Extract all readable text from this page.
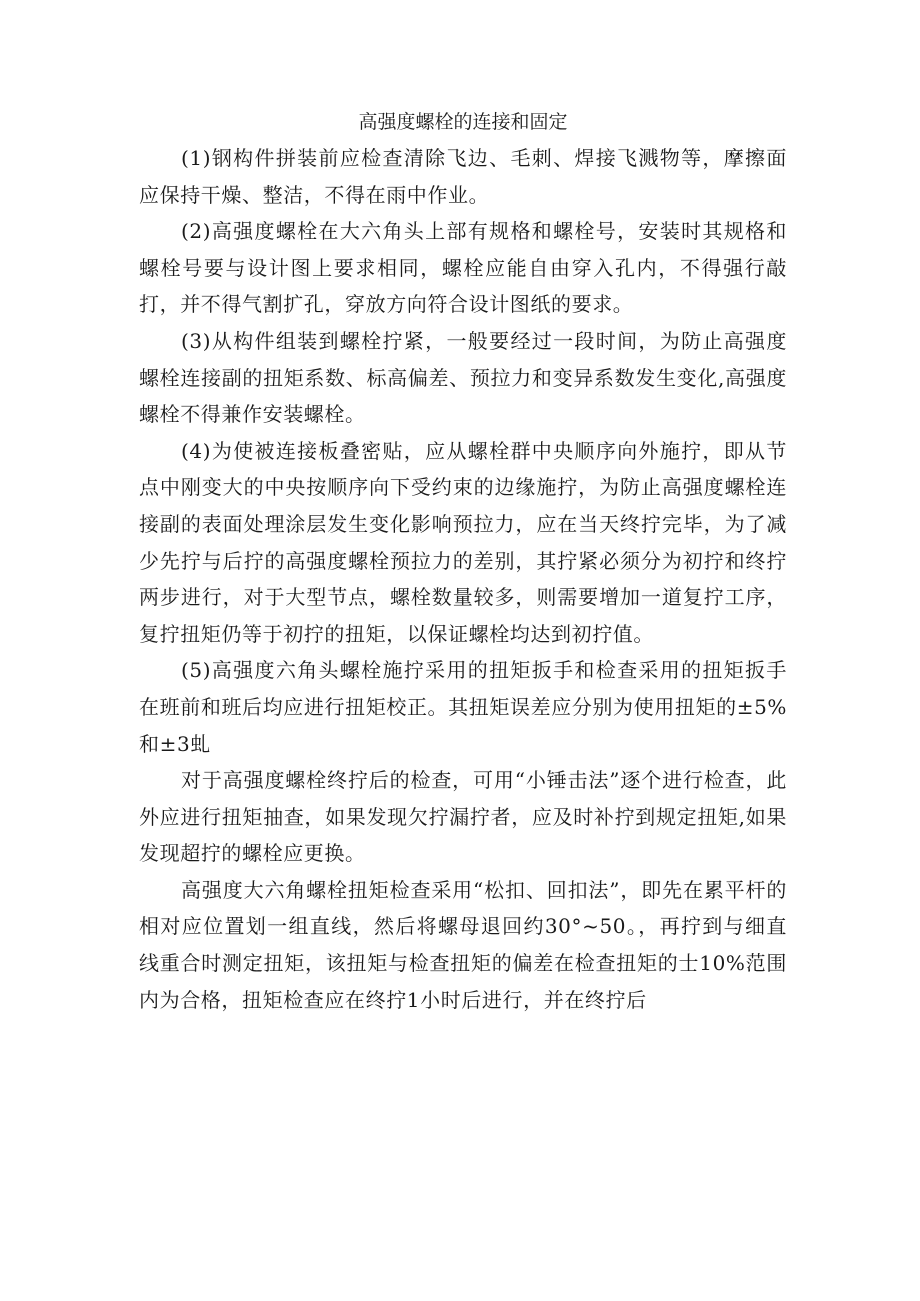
高强度螺栓的连接和固定

(1)钢构件拼装前应检查清除飞边、毛刺、焊接飞溅物等，摩擦面应保持干燥、整洁，不得在雨中作业。

(2)高强度螺栓在大六角头上部有规格和螺栓号，安装时其规格和螺栓号要与设计图上要求相同，螺栓应能自由穿入孔内，不得强行敲打，并不得气割扩孔，穿放方向符合设计图纸的要求。

(3)从构件组装到螺栓拧紧，一般要经过一段时间，为防止高强度螺栓连接副的扭矩系数、标高偏差、预拉力和变异系数发生变化,高强度螺栓不得兼作安装螺栓。

(4)为使被连接板叠密贴，应从螺栓群中央顺序向外施拧，即从节点中刚变大的中央按顺序向下受约束的边缘施拧，为防止高强度螺栓连接副的表面处理涂层发生变化影响预拉力，应在当天终拧完毕，为了减少先拧与后拧的高强度螺栓预拉力的差别，其拧紧必须分为初拧和终拧两步进行，对于大型节点，螺栓数量较多，则需要增加一道复拧工序，复拧扭矩仍等于初拧的扭矩，以保证螺栓均达到初拧值。

(5)高强度六角头螺栓施拧采用的扭矩扳手和检查采用的扭矩扳手在班前和班后均应进行扭矩校正。其扭矩误差应分别为使用扭矩的±5%和±3虬

对于高强度螺栓终拧后的检查，可用“小锤击法”逐个进行检查，此外应进行扭矩抽查，如果发现欠拧漏拧者，应及时补拧到规定扭矩,如果发现超拧的螺栓应更换。

高强度大六角螺栓扭矩检查采用“松扣、回扣法”，即先在累平杆的相对应位置划一组直线，然后将螺母退回约30°~50。，再拧到与细直线重合时测定扭矩，该扭矩与检查扭矩的偏差在检查扭矩的士10%范围内为合格，扭矩检查应在终拧1小时后进行，并在终拧后
